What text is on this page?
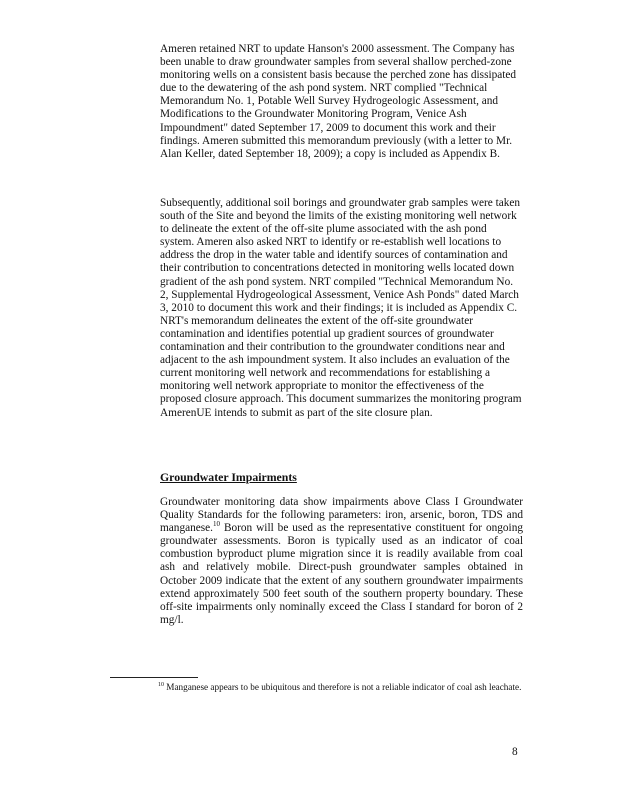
Ameren retained NRT to update Hanson's 2000 assessment. The Company has been unable to draw groundwater samples from several shallow perched-zone monitoring wells on a consistent basis because the perched zone has dissipated due to the dewatering of the ash pond system. NRT complied "Technical Memorandum No. 1, Potable Well Survey Hydrogeologic Assessment, and Modifications to the Groundwater Monitoring Program, Venice Ash Impoundment" dated September 17, 2009 to document this work and their findings. Ameren submitted this memorandum previously (with a letter to Mr. Alan Keller, dated September 18, 2009); a copy is included as Appendix B.

Subsequently, additional soil borings and groundwater grab samples were taken south of the Site and beyond the limits of the existing monitoring well network to delineate the extent of the off-site plume associated with the ash pond system. Ameren also asked NRT to identify or re-establish well locations to address the drop in the water table and identify sources of contamination and their contribution to concentrations detected in monitoring wells located down gradient of the ash pond system. NRT compiled "Technical Memorandum No. 2, Supplemental Hydrogeological Assessment, Venice Ash Ponds" dated March 3, 2010 to document this work and their findings; it is included as Appendix C. NRT's memorandum delineates the extent of the off-site groundwater contamination and identifies potential up gradient sources of groundwater contamination and their contribution to the groundwater conditions near and adjacent to the ash impoundment system. It also includes an evaluation of the current monitoring well network and recommendations for establishing a monitoring well network appropriate to monitor the effectiveness of the proposed closure approach. This document summarizes the monitoring program AmerenUE intends to submit as part of the site closure plan.

Groundwater Impairments

Groundwater monitoring data show impairments above Class I Groundwater Quality Standards for the following parameters: iron, arsenic, boron, TDS and manganese.$^{10}$ Boron will be used as the representative constituent for ongoing groundwater assessments. Boron is typically used as an indicator of coal combustion byproduct plume migration since it is readily available from coal ash and relatively mobile. Direct-push groundwater samples obtained in October 2009 indicate that the extent of any southern groundwater impairments extend approximately 500 feet south of the southern property boundary. These off-site impairments only nominally exceed the Class I standard for boron of 2 mg/l.

$^{10}$ Manganese appears to be ubiquitous and therefore is not a reliable indicator of coal ash leachate.

8
